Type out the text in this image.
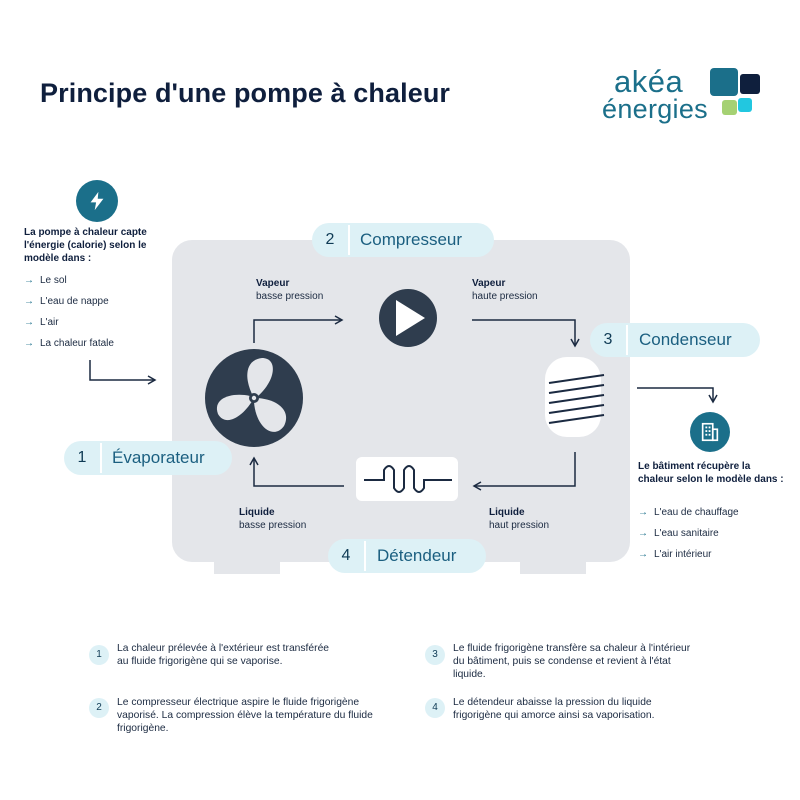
Principe d'une pompe à chaleur	akéa
énergies
La pompe à chaleur capte l'énergie (calorie) selon le modèle dans :
→ Le sol
→ L'eau de nappe
→ L'air
→ La chaleur fatale
Le bâtiment récupère la chaleur selon le modèle dans :
→ L'eau de chauffage
→ L'eau sanitaire
→ L'air intérieur
2	Compresseur
3	Condenseur
1	Évaporateur
4	Détendeur
Vapeur
basse pression
Vapeur
haute pression
Liquide
basse pression
Liquide
haut pression
1
La chaleur prélevée à l'extérieur est transférée au fluide frigorigène qui se vaporise.
2	Le compresseur électrique aspire le fluide frigorigène vaporisé. La compression élève la température du fluide frigorigène.
3
Le fluide frigorigène transfère sa chaleur à l'intérieur du bâtiment, puis se condense et revient à l'état liquide.
4	Le détendeur abaisse la pression du liquide frigorigène qui amorce ainsi sa vaporisation.
